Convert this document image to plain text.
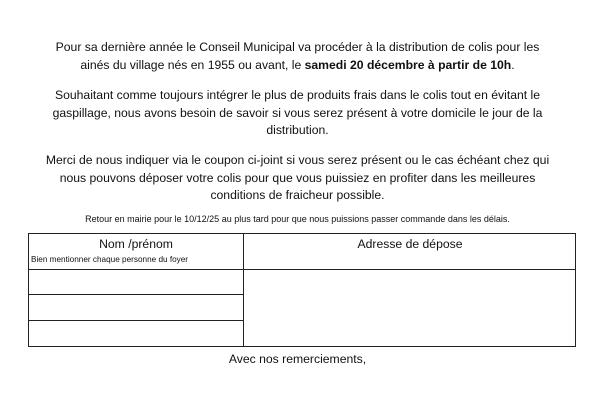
Pour sa dernière année le Conseil Municipal va procéder à la distribution de colis pour les
ainés du village nés en 1955 ou avant, le samedi 20 décembre à partir de 10h.

Souhaitant comme toujours intégrer le plus de produits frais dans le colis tout en évitant le
gaspillage, nous avons besoin de savoir si vous serez présent à votre domicile le jour de la
distribution.

Merci de nous indiquer via le coupon ci-joint si vous serez présent ou le cas échéant chez qui
nous pouvons déposer votre colis pour que vous puissiez en profiter dans les meilleures
conditions de fraicheur possible.

Retour en mairie pour le 10/12/25 au plus tard pour que nous puissions passer commande dans les délais.

Nom /prénom
Bien mentionner chaque personne du foyer
Adresse de dépose

Avec nos remerciements,
